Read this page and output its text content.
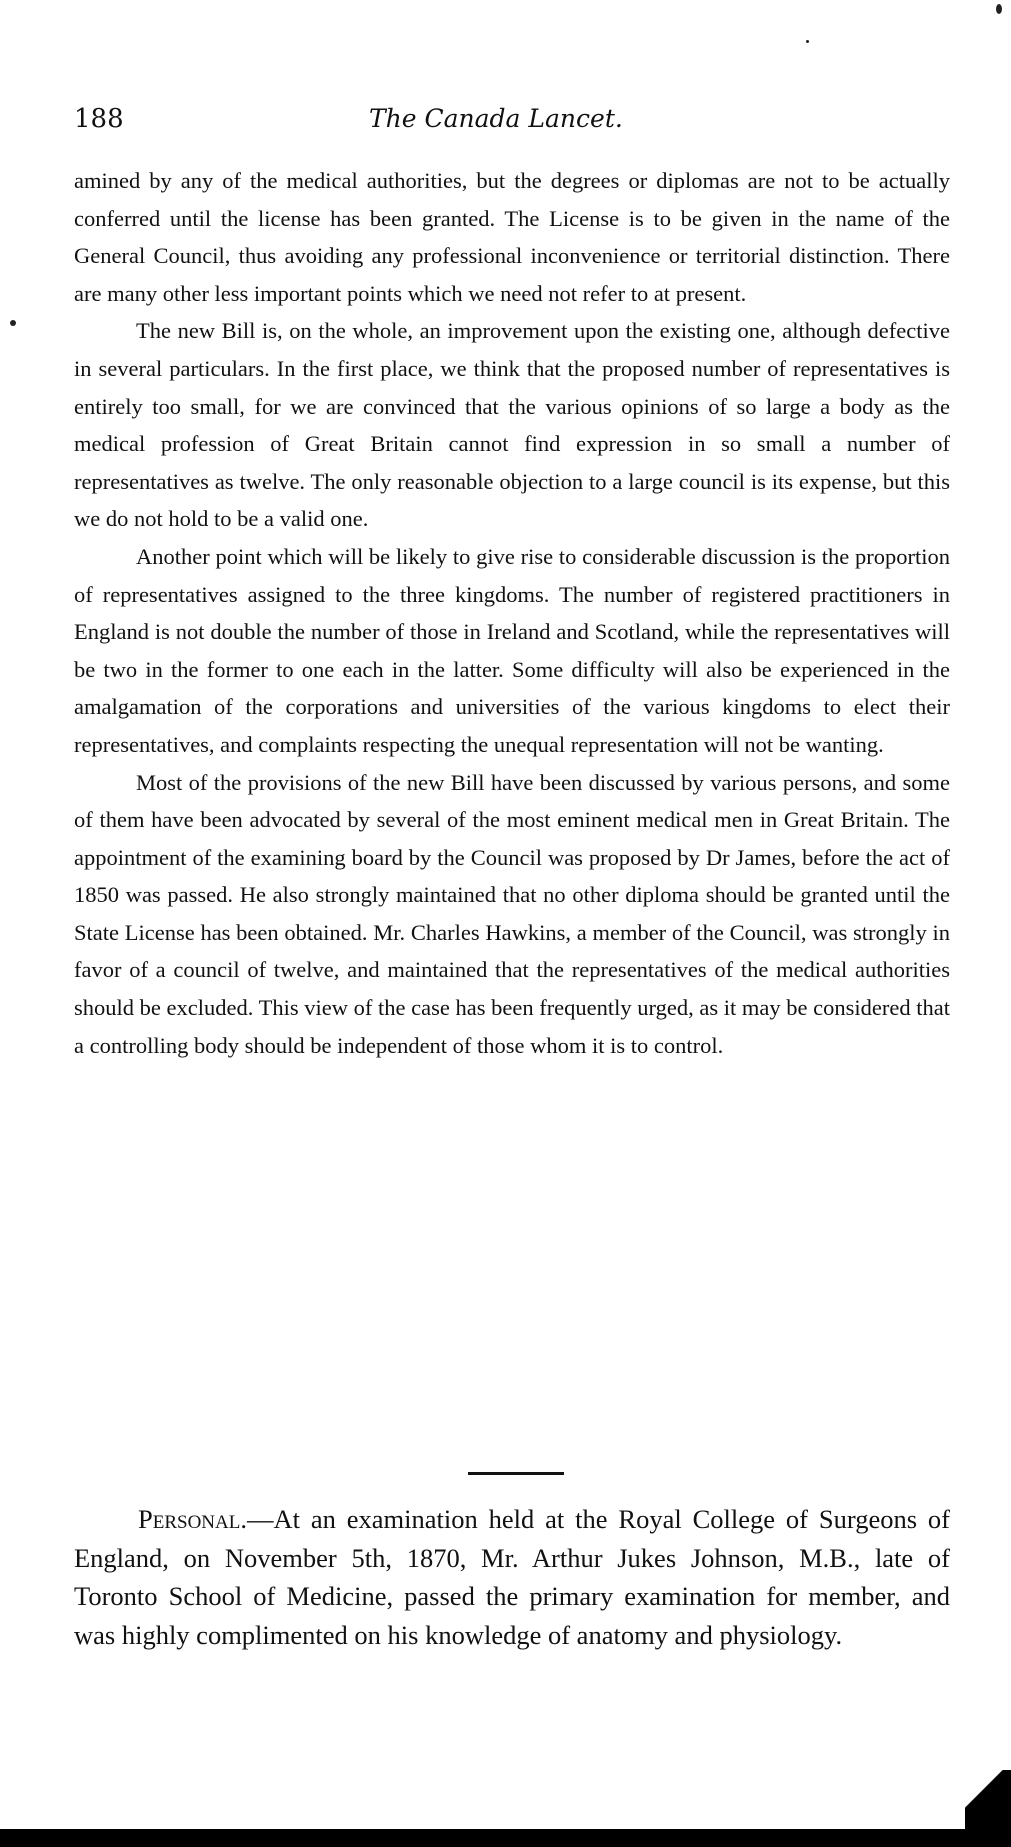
188	The Canada Lancet.

amined by any of the medical authorities, but the degrees or diplomas are not to be actually conferred until the license has been granted. The License is to be given in the name of the General Council, thus avoiding any professional inconvenience or territorial distinction. There are many other less important points which we need not refer to at present.

The new Bill is, on the whole, an improvement upon the existing one, although defective in several particulars. In the first place, we think that the proposed number of representatives is entirely too small, for we are convinced that the various opinions of so large a body as the medical profession of Great Britain cannot find expression in so small a number of representatives as twelve. The only reasonable objection to a large council is its expense, but this we do not hold to be a valid one.

Another point which will be likely to give rise to considerable discussion is the proportion of representatives assigned to the three kingdoms. The number of registered practitioners in England is not double the number of those in Ireland and Scotland, while the representatives will be two in the former to one each in the latter. Some difficulty will also be experienced in the amalgamation of the corporations and universities of the various kingdoms to elect their representatives, and complaints respecting the unequal representation will not be wanting.

Most of the provisions of the new Bill have been discussed by various persons, and some of them have been advocated by several of the most eminent medical men in Great Britain. The appointment of the examining board by the Council was proposed by Dr James, before the act of 1850 was passed. He also strongly maintained that no other diploma should be granted until the State License has been obtained. Mr. Charles Hawkins, a member of the Council, was strongly in favor of a council of twelve, and maintained that the representatives of the medical authorities should be excluded. This view of the case has been frequently urged, as it may be considered that a controlling body should be independent of those whom it is to control.

Personal.—At an examination held at the Royal College of Surgeons of England, on November 5th, 1870, Mr. Arthur Jukes Johnson, M.B., late of Toronto School of Medicine, passed the primary examination for member, and was highly complimented on his knowledge of anatomy and physiology.
